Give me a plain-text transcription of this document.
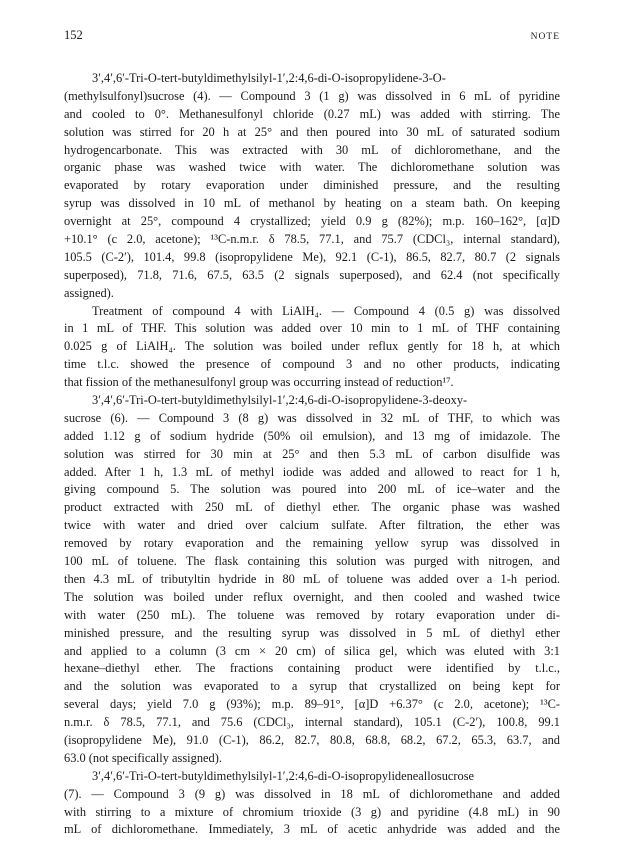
152	NOTE
3′,4′,6′-Tri-O-tert-butyldimethylsilyl-1′,2:4,6-di-O-isopropylidene-3-O-
(methylsulfonyl)sucrose (4). — Compound 3 (1 g) was dissolved in 6 mL of pyridine
and cooled to 0°. Methanesulfonyl chloride (0.27 mL) was added with stirring. The
solution was stirred for 20 h at 25° and then poured into 30 mL of saturated sodium
hydrogencarbonate. This was extracted with 30 mL of dichloromethane, and the
organic phase was washed twice with water. The dichloromethane solution was
evaporated by rotary evaporation under diminished pressure, and the resulting
syrup was dissolved in 10 mL of methanol by heating on a steam bath. On keeping
overnight at 25°, compound 4 crystallized; yield 0.9 g (82%); m.p. 160–162°, [α]D
+10.1° (c 2.0, acetone); ¹³C-n.m.r. δ 78.5, 77.1, and 75.7 (CDCl₃, internal standard),
105.5 (C-2′), 101.4, 99.8 (isopropylidene Me), 92.1 (C-1), 86.5, 82.7, 80.7 (2 signals
superposed), 71.8, 71.6, 67.5, 63.5 (2 signals superposed), and 62.4 (not specifically
assigned).
Treatment of compound 4 with LiAlH₄. — Compound 4 (0.5 g) was dissolved
in 1 mL of THF. This solution was added over 10 min to 1 mL of THF containing
0.025 g of LiAlH₄. The solution was boiled under reflux gently for 18 h, at which
time t.l.c. showed the presence of compound 3 and no other products, indicating
that fission of the methanesulfonyl group was occurring instead of reduction¹⁷.
3′,4′,6′-Tri-O-tert-butyldimethylsilyl-1′,2:4,6-di-O-isopropylidene-3-deoxy-
sucrose (6). — Compound 3 (8 g) was dissolved in 32 mL of THF, to which was
added 1.12 g of sodium hydride (50% oil emulsion), and 13 mg of imidazole. The
solution was stirred for 30 min at 25° and then 5.3 mL of carbon disulfide was
added. After 1 h, 1.3 mL of methyl iodide was added and allowed to react for 1 h,
giving compound 5. The solution was poured into 200 mL of ice–water and the
product extracted with 250 mL of diethyl ether. The organic phase was washed
twice with water and dried over calcium sulfate. After filtration, the ether was
removed by rotary evaporation and the remaining yellow syrup was dissolved in
100 mL of toluene. The flask containing this solution was purged with nitrogen, and
then 4.3 mL of tributyltin hydride in 80 mL of toluene was added over a 1-h period.
The solution was boiled under reflux overnight, and then cooled and washed twice
with water (250 mL). The toluene was removed by rotary evaporation under di-
minished pressure, and the resulting syrup was dissolved in 5 mL of diethyl ether
and applied to a column (3 cm × 20 cm) of silica gel, which was eluted with 3:1
hexane–diethyl ether. The fractions containing product were identified by t.l.c.,
and the solution was evaporated to a syrup that crystallized on being kept for
several days; yield 7.0 g (93%); m.p. 89–91°, [α]D +6.37° (c 2.0, acetone); ¹³C-
n.m.r. δ 78.5, 77.1, and 75.6 (CDCl₃, internal standard), 105.1 (C-2′), 100.8, 99.1
(isopropylidene Me), 91.0 (C-1), 86.2, 82.7, 80.8, 68.8, 68.2, 67.2, 65.3, 63.7, and
63.0 (not specifically assigned).
3′,4′,6′-Tri-O-tert-butyldimethylsilyl-1′,2:4,6-di-O-isopropylideneallosucrose
(7). — Compound 3 (9 g) was dissolved in 18 mL of dichloromethane and added
with stirring to a mixture of chromium trioxide (3 g) and pyridine (4.8 mL) in 90
mL of dichloromethane. Immediately, 3 mL of acetic anhydride was added and the
